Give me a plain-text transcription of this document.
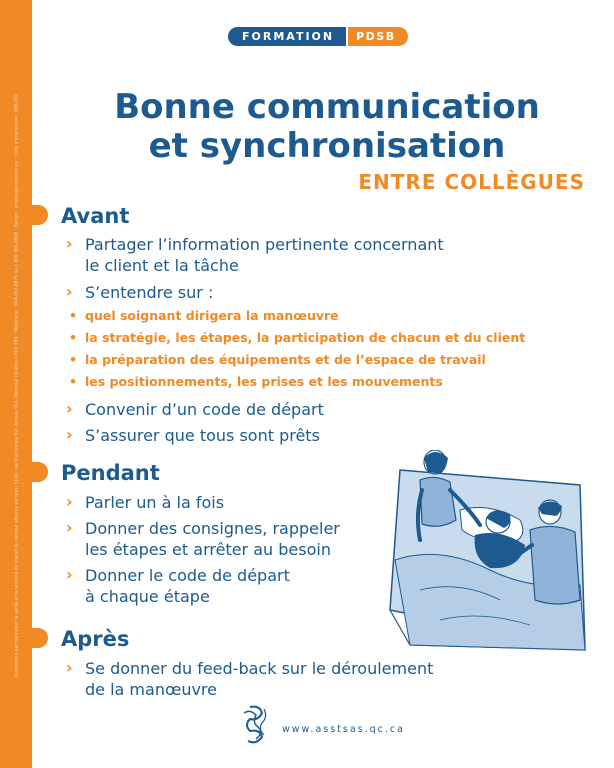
Association paritaire pour la santé et la sécurité du travail du secteur affaires sociales, 5100, rue Sherbrooke Est, bureau 950, Montréal (Québec) H1V 3R9 · Téléphone : 514-253-6871 ou 1 800 361-4528 · Design : artplus@videotron.ca · Code d'impression : ASS-072
FORMATION	PDSB
Bonne communication
et synchronisation
ENTRE COLLÈGUES
Avant
› Partager l’information pertinente concernant
le client et la tâche
› S’entendre sur :
• quel soignant dirigera la manœuvre
• la stratégie, les étapes, la participation de chacun et du client
• la préparation des équipements et de l’espace de travail
• les positionnements, les prises et les mouvements
› Convenir d’un code de départ
› S’assurer que tous sont prêts
Pendant
› Parler un à la fois
› Donner des consignes, rappeler
les étapes et arrêter au besoin
› Donner le code de départ
à chaque étape
Après
› Se donner du feed-back sur le déroulement
de la manœuvre
www.asstsas.qc.ca
